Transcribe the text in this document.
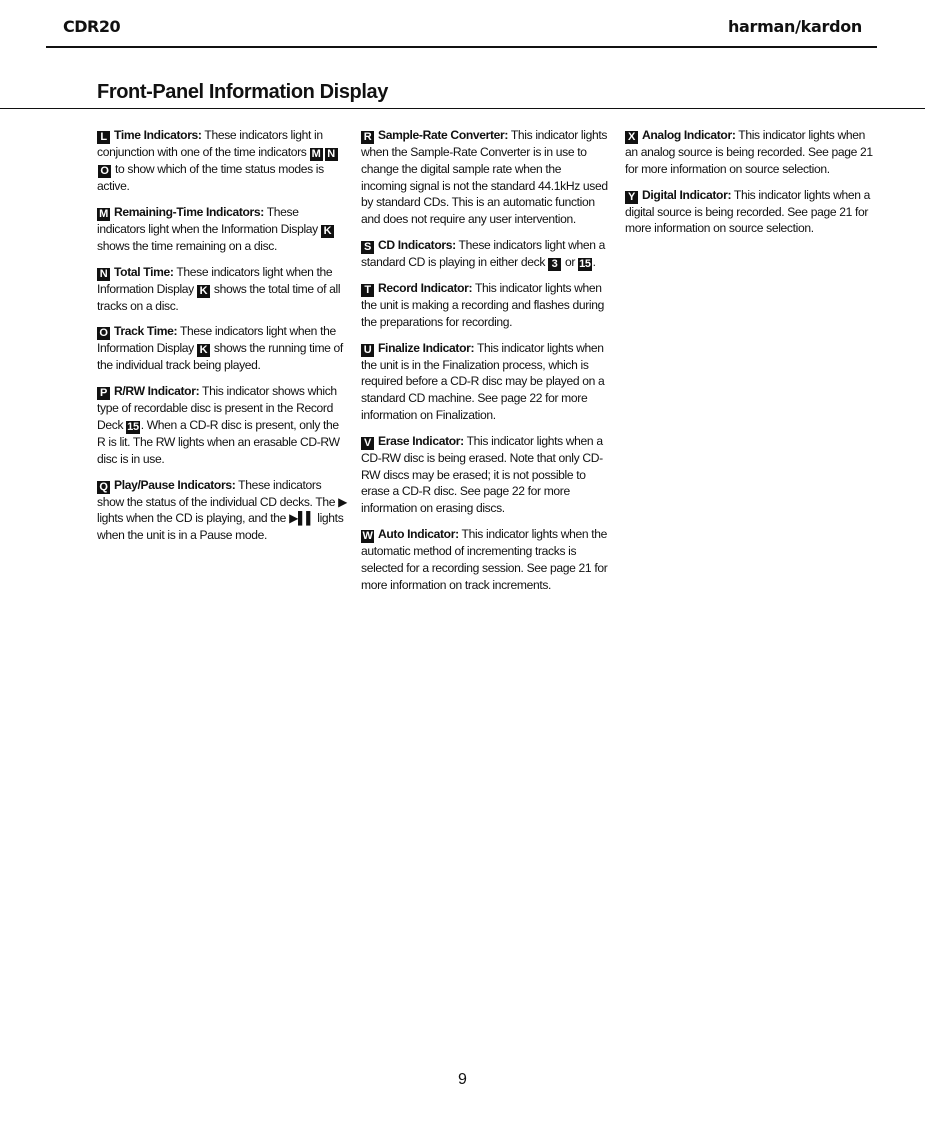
CDR20	harman/kardon
Front-Panel Information Display

L Time Indicators: These indicators light in conjunction with one of the time indicators M NO to show which of the time status modes is active.

M Remaining-Time Indicators: These indicators light when the Information Display K shows the time remaining on a disc.

N Total Time: These indicators light when the Information Display K shows the total time of all tracks on a disc.

O Track Time: These indicators light when the Information Display K shows the running time of the individual track being played.

P R/RW Indicator: This indicator shows which type of recordable disc is present in the Record Deck 15 . When a CD-R disc is present, only the R is lit. The RW lights when an erasable CD-RW disc is in use.

Q Play/Pause Indicators: These indicators show the status of the individual CD decks. The ▶ lights when the CD is playing, and the ▶▌▌ lights when the unit is in a Pause mode.

R Sample-Rate Converter: This indicator lights when the Sample-Rate Converter is in use to change the digital sample rate when the incoming signal is not the standard 44.1kHz used by standard CDs. This is an automatic function and does not require any user intervention.

S CD Indicators: These indicators light when a standard CD is playing in either deck 3 or 15 .

T Record Indicator: This indicator lights when the unit is making a recording and flashes during the preparations for recording.

U Finalize Indicator: This indicator lights when the unit is in the Finalization process, which is required before a CD-R disc may be played on a standard CD machine. See page 22 for more information on Finalization.

V Erase Indicator: This indicator lights when a CD-RW disc is being erased. Note that only CD-RW discs may be erased; it is not possible to erase a CD-R disc. See page 22 for more information on erasing discs.

W Auto Indicator: This indicator lights when the automatic method of incrementing tracks is selected for a recording session. See page 21 for more information on track increments.

X Analog Indicator: This indicator lights when an analog source is being recorded. See page 21 for more information on source selection.

Y Digital Indicator: This indicator lights when a digital source is being recorded. See page 21 for more information on source selection.

9
